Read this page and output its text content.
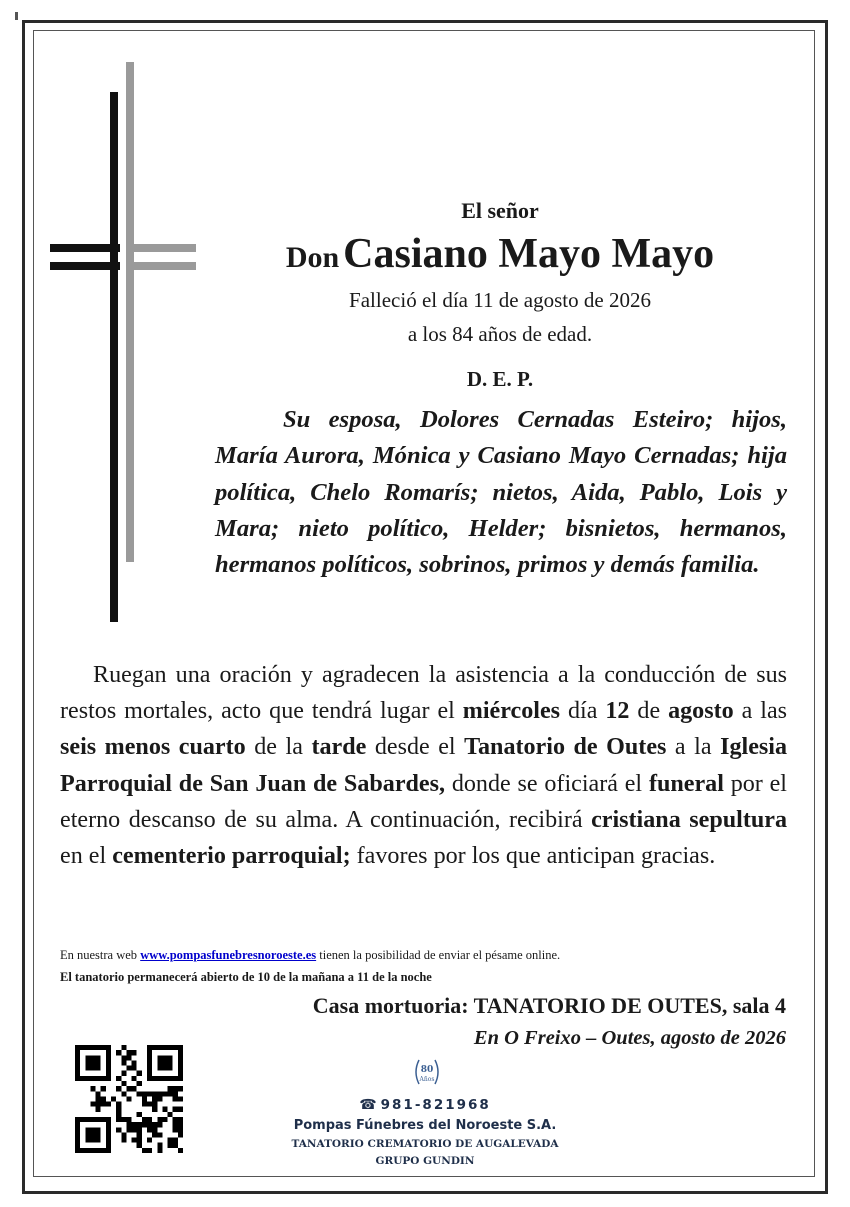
El señor
Don Casiano Mayo Mayo
Falleció el día 11 de agosto de 2026
a los 84 años de edad.
D. E. P.

Su esposa, Dolores Cernadas Esteiro; hijos, María Aurora, Mónica y Casiano Mayo Cernadas; hija política, Chelo Romarís; nietos, Aida, Pablo, Lois y Mara; nieto político, Helder; bisnietos, hermanos, hermanos políticos, sobrinos, primos y demás familia.

Ruegan una oración y agradecen la asistencia a la conducción de sus restos mortales, acto que tendrá lugar el miércoles día 12 de agosto a las seis menos cuarto de la tarde desde el Tanatorio de Outes a la Iglesia Parroquial de San Juan de Sabardes, donde se oficiará el funeral por el eterno descanso de su alma. A continuación, recibirá cristiana sepultura en el cementerio parroquial; favores por los que anticipan gracias.

En nuestra web www.pompasfunebresnoroeste.es tienen la posibilidad de enviar el pésame online.
El tanatorio permanecerá abierto de 10 de la mañana a 11 de la noche
Casa mortuoria: TANATORIO DE OUTES, sala 4
En O Freixo – Outes, agosto de 2026
80
Años
☎ 981-821968
Pompas Fúnebres del Noroeste S.A.
TANATORIO CREMATORIO DE AUGALEVADA
GRUPO GUNDIN
